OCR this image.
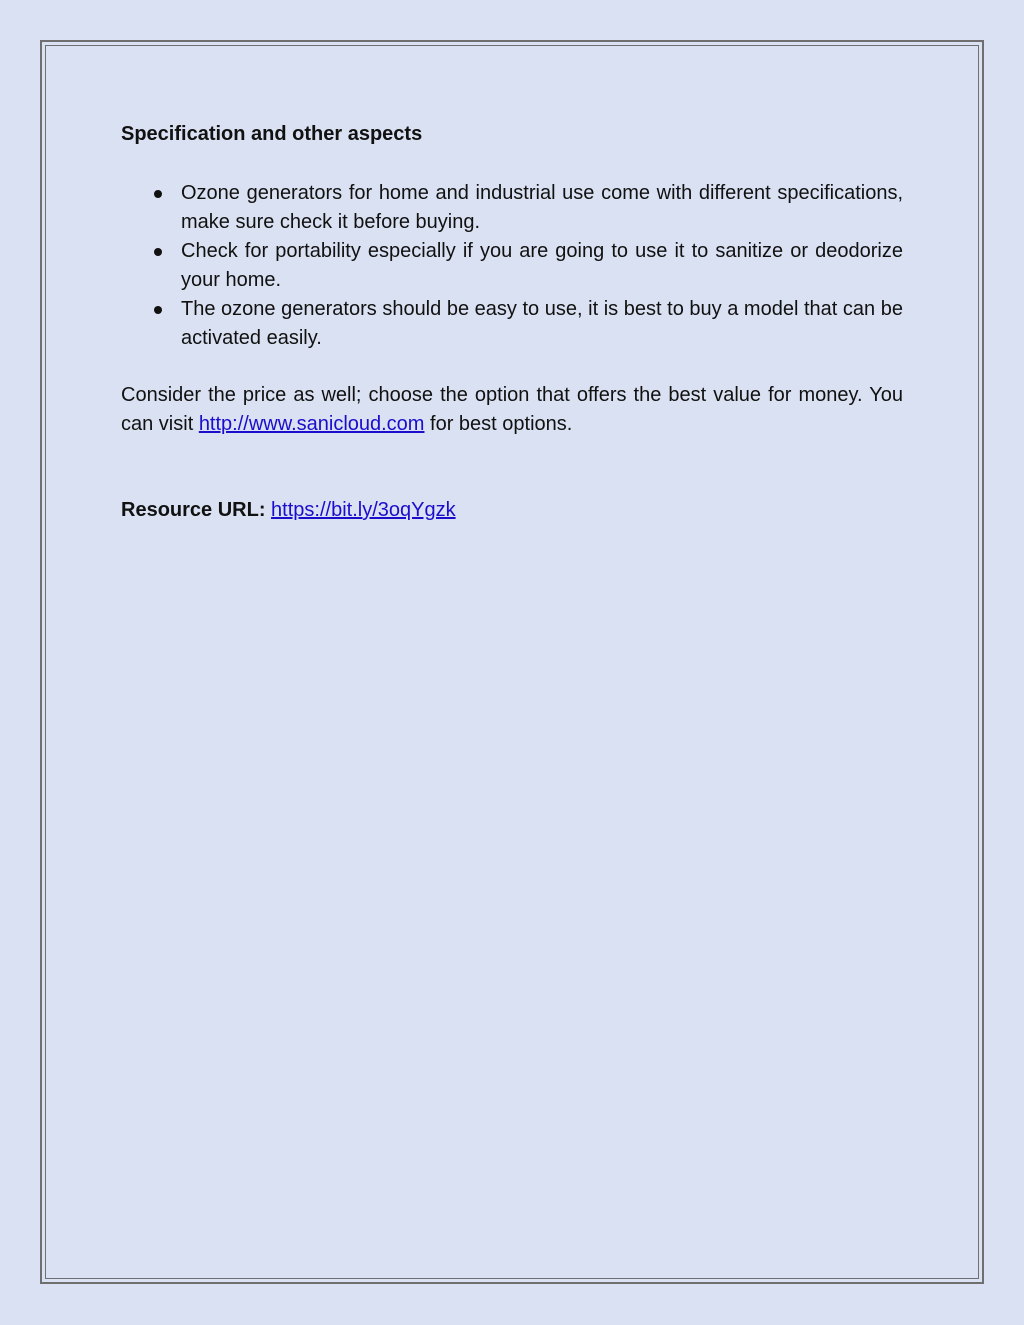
Specification and other aspects
Ozone generators for home and industrial use come with different specifications, make sure check it before buying.
Check for portability especially if you are going to use it to sanitize or deodorize your home.
The ozone generators should be easy to use, it is best to buy a model that can be activated easily.

Consider the price as well; choose the option that offers the best value for money. You can visit http://www.sanicloud.com for best options.

Resource URL: https://bit.ly/3oqYgzk
